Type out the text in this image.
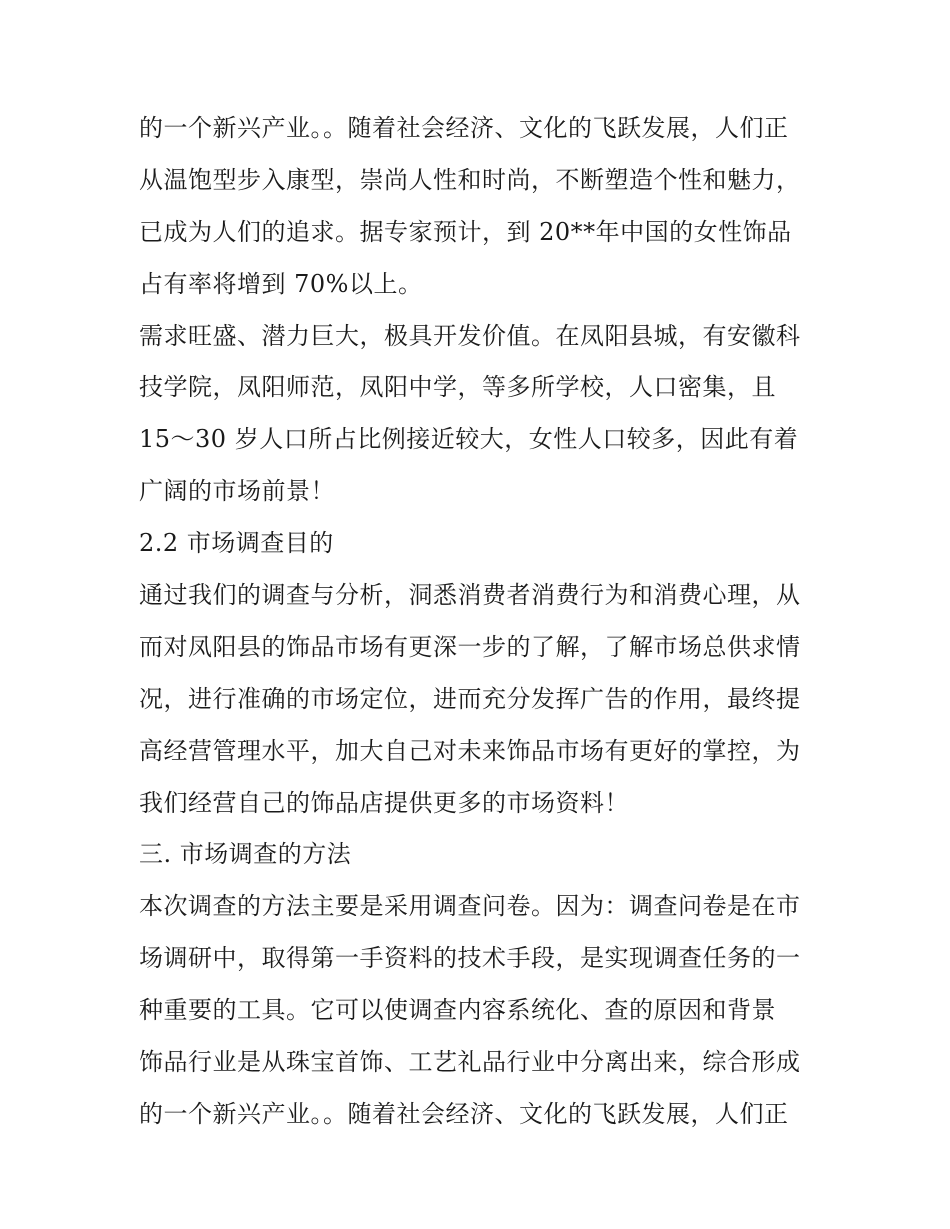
的一个新兴产业。。随着社会经济、文化的飞跃发展，人们正
从温饱型步入康型，崇尚人性和时尚，不断塑造个性和魅力，
已成为人们的追求。据专家预计，到 20**年中国的女性饰品
占有率将增到 70%以上。
需求旺盛、潜力巨大，极具开发价值。在凤阳县城，有安徽科
技学院，凤阳师范，凤阳中学，等多所学校，人口密集，且
15～30 岁人口所占比例接近较大，女性人口较多，因此有着
广阔的市场前景！
2.2 市场调查目的
通过我们的调查与分析，洞悉消费者消费行为和消费心理，从
而对凤阳县的饰品市场有更深一步的了解，了解市场总供求情
况，进行准确的市场定位，进而充分发挥广告的作用，最终提
高经营管理水平，加大自己对未来饰品市场有更好的掌控，为
我们经营自己的饰品店提供更多的市场资料！
三. 市场调查的方法
本次调查的方法主要是采用调查问卷。因为：调查问卷是在市
场调研中，取得第一手资料的技术手段，是实现调查任务的一
种重要的工具。它可以使调查内容系统化、查的原因和背景
饰品行业是从珠宝首饰、工艺礼品行业中分离出来，综合形成
的一个新兴产业。。随着社会经济、文化的飞跃发展，人们正
